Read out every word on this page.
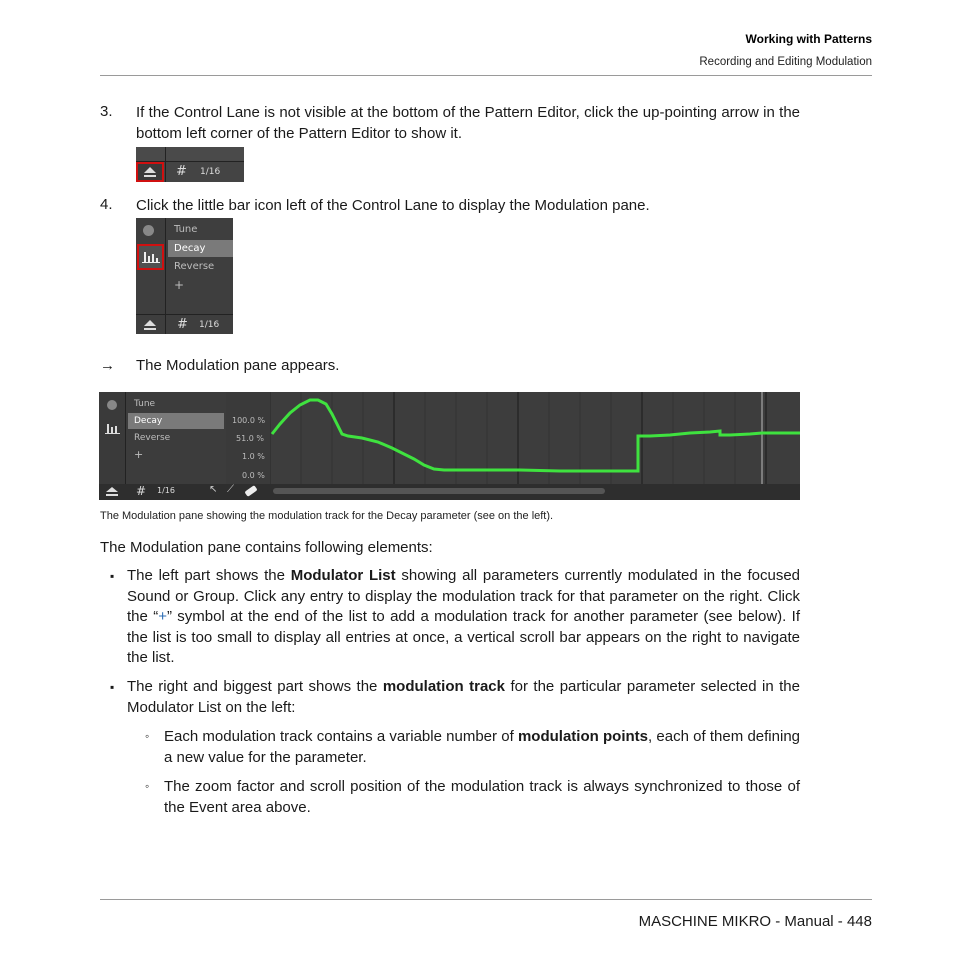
Working with Patterns
Recording and Editing Modulation
3. If the Control Lane is not visible at the bottom of the Pattern Editor, click the up-pointing arrow in the bottom left corner of the Pattern Editor to show it.
# 1/16
4. Click the little bar icon left of the Control Lane to display the Modulation pane.
Tune
Decay
Reverse
+
# 1/16
→ The Modulation pane appears.
Tune
Decay
Reverse
+
100.0 %
51.0 %
1.0 %
0.0 %
# 1/16	↖ ⟋
The Modulation pane showing the modulation track for the Decay parameter (see on the left).
The Modulation pane contains following elements:
▪ The left part shows the Modulator List showing all parameters currently modulated in the focused Sound or Group. Click any entry to display the modulation track for that parameter on the right. Click the “+” symbol at the end of the list to add a modulation track for another parameter (see below). If the list is too small to display all entries at once, a vertical scroll bar appears on the right to navigate the list.
▪ The right and biggest part shows the modulation track for the particular parameter selected in the Modulator List on the left:
◦ Each modulation track contains a variable number of modulation points, each of them defining a new value for the parameter.
◦ The zoom factor and scroll position of the modulation track is always synchronized to those of the Event area above.
MASCHINE MIKRO - Manual - 448
